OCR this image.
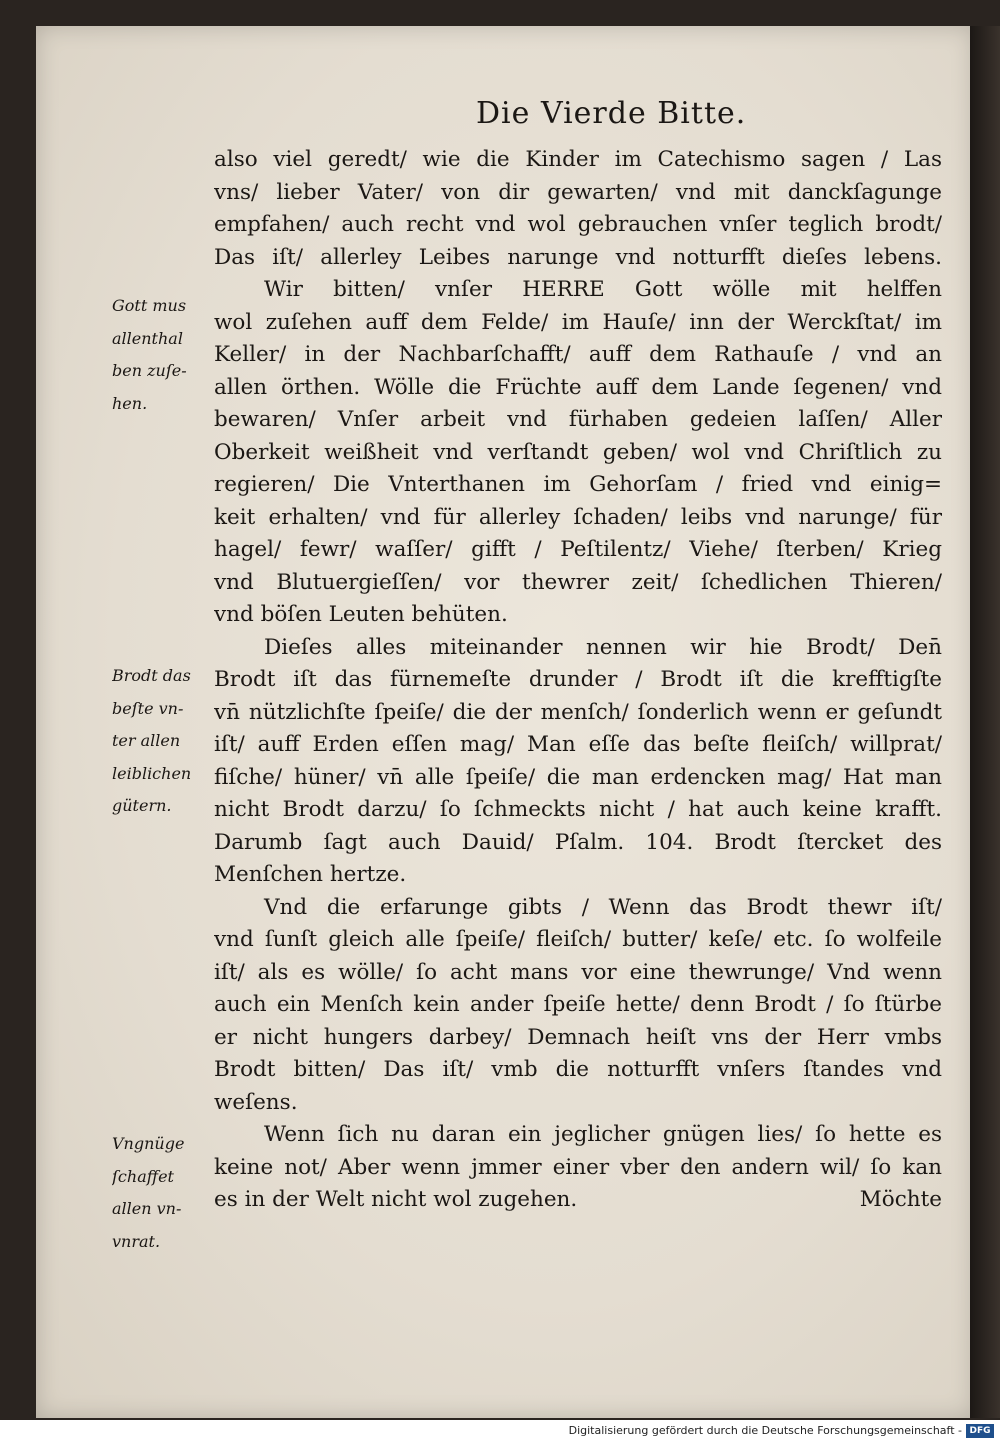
Die Vierde Bitte.
also viel geredt/ wie die Kinder im Catechismo sagen / Las
vns/ lieber Vater/ von dir gewarten/ vnd mit danckſagunge
empfahen/ auch recht vnd wol gebrauchen vnſer teglich brodt/
Das iſt/ allerley Leibes narunge vnd notturfft dieſes lebens.
Wir bitten/ vnſer HERRE Gott wölle mit helffen
wol zuſehen auff dem Felde/ im Hauſe/ inn der Werckſtat/ im
Keller/ in der Nachbarſchafft/ auff dem Rathauſe / vnd an
allen örthen. Wölle die Früchte auff dem Lande ſegenen/ vnd
bewaren/ Vnſer arbeit vnd fürhaben gedeien laſſen/ Aller
Oberkeit weißheit vnd verſtandt geben/ wol vnd Chriſtlich zu
regieren/ Die Vnterthanen im Gehorſam / fried vnd einig=
keit erhalten/ vnd für allerley ſchaden/ leibs vnd narunge/ für
hagel/ fewr/ waſſer/ gifft / Peſtilentz/ Viehe/ ſterben/ Krieg
vnd Blutuergieſſen/ vor thewrer zeit/ ſchedlichen Thieren/
vnd böſen Leuten behüten.
Dieſes alles miteinander nennen wir hie Brodt/ Den̄
Brodt iſt das fürnemeſte drunder / Brodt iſt die krefftigſte
vn̄ nützlichſte ſpeiſe/ die der menſch/ ſonderlich wenn er geſundt
iſt/ auff Erden eſſen mag/ Man eſſe das beſte fleiſch/ willprat/
fiſche/ hüner/ vn̄ alle ſpeiſe/ die man erdencken mag/ Hat man
nicht Brodt darzu/ ſo ſchmeckts nicht / hat auch keine krafft.
Darumb ſagt auch Dauid/ Pſalm. 104. Brodt ſtercket des
Menſchen hertze.
Vnd die erfarunge gibts / Wenn das Brodt thewr iſt/
vnd ſunſt gleich alle ſpeiſe/ fleiſch/ butter/ keſe/ etc. ſo wolfeile
iſt/ als es wölle/ ſo acht mans vor eine thewrunge/ Vnd wenn
auch ein Menſch kein ander ſpeiſe hette/ denn Brodt / ſo ſtürbe
er nicht hungers darbey/ Demnach heiſt vns der Herr vmbs
Brodt bitten/ Das iſt/ vmb die notturfft vnſers ſtandes vnd
weſens.
Wenn ſich nu daran ein jeglicher gnügen lies/ ſo hette es
keine not/ Aber wenn jmmer einer vber den andern wil/ ſo kan
es in der Welt nicht wol zugehen.	Möchte
Gott mus
allenthal
ben zuſe-
hen.
Brodt das
beſte vn-
ter allen
leiblichen
gütern.
Vngnüge
ſchaffet
allen vn-
vnrat.
Digitalisierung gefördert durch die Deutsche Forschungsgemeinschaft - DFG
